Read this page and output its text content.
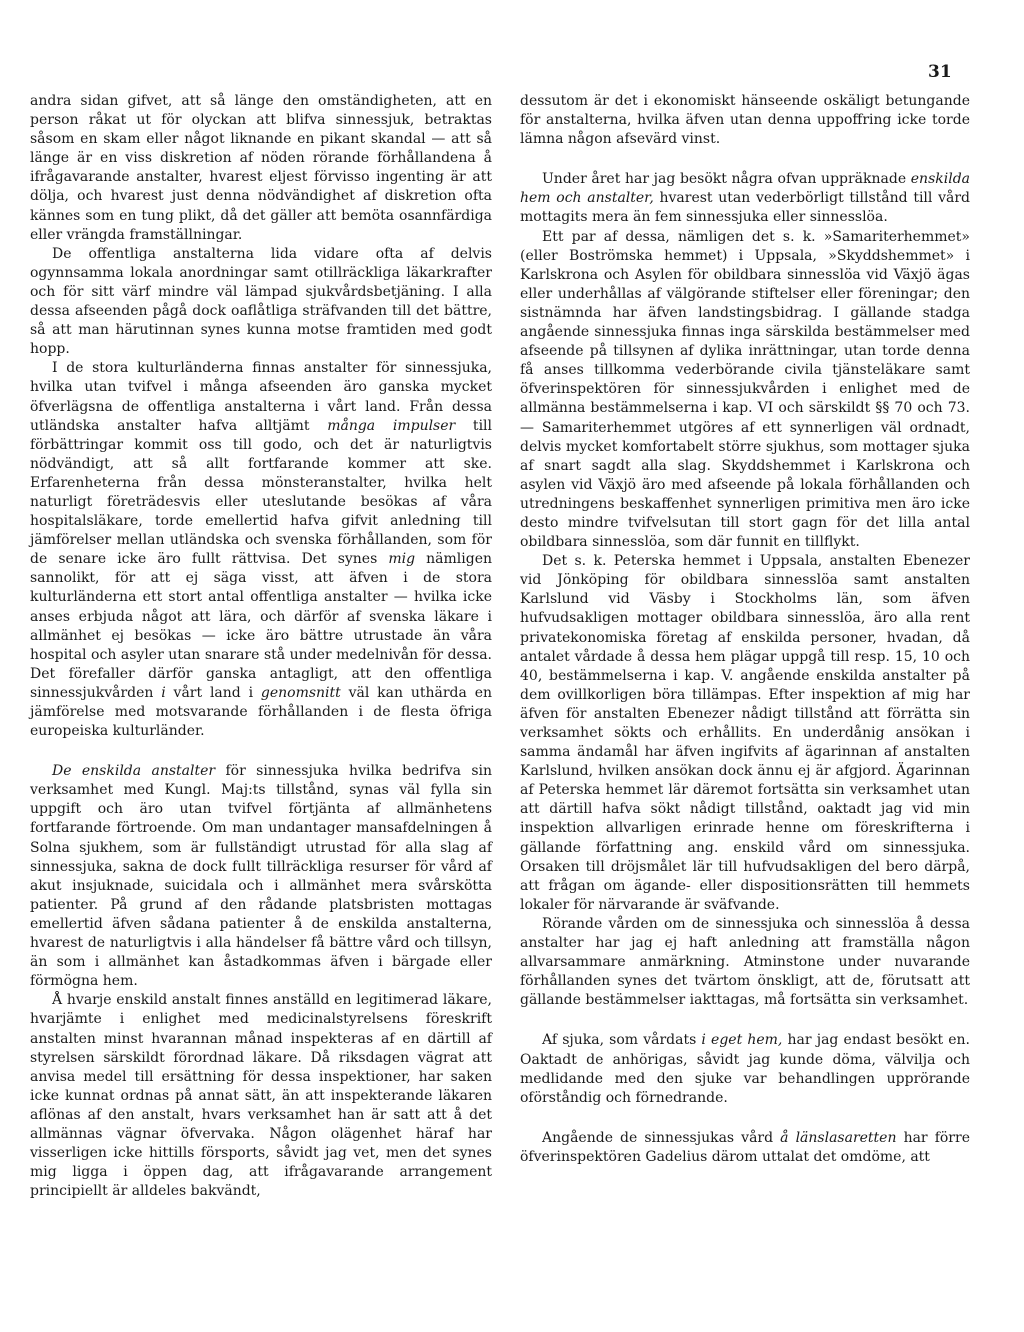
31

andra sidan gifvet, att så länge den omständigheten, att en person råkat ut för olyckan att blifva sinnessjuk, betraktas såsom en skam eller något liknande en pikant skandal — att så länge är en viss diskretion af nöden rörande förhållandena å ifrågavarande anstalter, hvarest eljest förvisso ingenting är att dölja, och hvarest just denna nödvändighet af diskretion ofta kännes som en tung plikt, då det gäller att bemöta osannfärdiga eller vrängda framställningar.

De offentliga anstalterna lida vidare ofta af delvis ogynnsamma lokala anordningar samt otillräckliga läkarkrafter och för sitt värf mindre väl lämpad sjukvårdsbetjäning. I alla dessa afseenden pågå dock oaflåtliga sträfvanden till det bättre, så att man härutinnan synes kunna motse framtiden med godt hopp.

I de stora kulturländerna finnas anstalter för sinnessjuka, hvilka utan tvifvel i många afseenden äro ganska mycket öfverlägsna de offentliga anstalterna i vårt land. Från dessa utländska anstalter hafva alltjämt många impulser till förbättringar kommit oss till godo, och det är naturligtvis nödvändigt, att så allt fortfarande kommer att ske. Erfarenheterna från dessa mönsteranstalter, hvilka helt naturligt företrädesvis eller uteslutande besökas af våra hospitalsläkare, torde emellertid hafva gifvit anledning till jämförelser mellan utländska och svenska förhållanden, som för de senare icke äro fullt rättvisa. Det synes mig nämligen sannolikt, för att ej säga visst, att äfven i de stora kulturländerna ett stort antal offentliga anstalter — hvilka icke anses erbjuda något att lära, och därför af svenska läkare i allmänhet ej besökas — icke äro bättre utrustade än våra hospital och asyler utan snarare stå under medelnivån för dessa. Det förefaller därför ganska antagligt, att den offentliga sinnessjukvården i vårt land i genomsnitt väl kan uthärda en jämförelse med motsvarande förhållanden i de flesta öfriga europeiska kulturländer.

De enskilda anstalter för sinnessjuka hvilka bedrifva sin verksamhet med Kungl. Maj:ts tillstånd, synas väl fylla sin uppgift och äro utan tvifvel förtjänta af allmänhetens fortfarande förtroende. Om man undantager mansafdelningen å Solna sjukhem, som är fullständigt utrustad för alla slag af sinnessjuka, sakna de dock fullt tillräckliga resurser för vård af akut insjuknade, suicidala och i allmänhet mera svårskötta patienter. På grund af den rådande platsbristen mottagas emellertid äfven sådana patienter å de enskilda anstalterna, hvarest de naturligtvis i alla händelser få bättre vård och tillsyn, än som i allmänhet kan åstadkommas äfven i bärgade eller förmögna hem.

Å hvarje enskild anstalt finnes anställd en legitimerad läkare, hvarjämte i enlighet med medicinalstyrelsens föreskrift anstalten minst hvarannan månad inspekteras af en därtill af styrelsen särskildt förordnad läkare. Då riksdagen vägrat att anvisa medel till ersättning för dessa inspektioner, har saken icke kunnat ordnas på annat sätt, än att inspekterande läkaren aflönas af den anstalt, hvars verksamhet han är satt att å det allmännas vägnar öfvervaka. Någon olägenhet häraf har visserligen icke hittills försports, såvidt jag vet, men det synes mig ligga i öppen dag, att ifrågavarande arrangement principiellt är alldeles bakvändt,

dessutom är det i ekonomiskt hänseende oskäligt betungande för anstalterna, hvilka äfven utan denna uppoffring icke torde lämna någon afsevärd vinst.

Under året har jag besökt några ofvan uppräknade enskilda hem och anstalter, hvarest utan vederbörligt tillstånd till vård mottagits mera än fem sinnessjuka eller sinnesslöa.

Ett par af dessa, nämligen det s. k. »Samariterhemmet» (eller Boströmska hemmet) i Uppsala, »Skyddshemmet» i Karlskrona och Asylen för obildbara sinnesslöa vid Växjö ägas eller underhållas af välgörande stiftelser eller föreningar; den sistnämnda har äfven landstingsbidrag. I gällande stadga angående sinnessjuka finnas inga särskilda bestämmelser med afseende på tillsynen af dylika inrättningar, utan torde denna få anses tillkomma vederbörande civila tjänsteläkare samt öfverinspektören för sinnessjukvården i enlighet med de allmänna bestämmelserna i kap. VI och särskildt §§ 70 och 73. — Samariterhemmet utgöres af ett synnerligen väl ordnadt, delvis mycket komfortabelt större sjukhus, som mottager sjuka af snart sagdt alla slag. Skyddshemmet i Karlskrona och asylen vid Växjö äro med afseende på lokala förhållanden och utredningens beskaffenhet synnerligen primitiva men äro icke desto mindre tvifvelsutan till stort gagn för det lilla antal obildbara sinnesslöa, som där funnit en tillflykt.

Det s. k. Peterska hemmet i Uppsala, anstalten Ebenezer vid Jönköping för obildbara sinnesslöa samt anstalten Karlslund vid Väsby i Stockholms län, som äfven hufvudsakligen mottager obildbara sinnesslöa, äro alla rent privatekonomiska företag af enskilda personer, hvadan, då antalet vårdade å dessa hem plägar uppgå till resp. 15, 10 och 40, bestämmelserna i kap. V. angående enskilda anstalter på dem ovillkorligen böra tillämpas. Efter inspektion af mig har äfven för anstalten Ebenezer nådigt tillstånd att förrätta sin verksamhet sökts och erhållits. En underdånig ansökan i samma ändamål har äfven ingifvits af ägarinnan af anstalten Karlslund, hvilken ansökan dock ännu ej är afgjord. Ägarinnan af Peterska hemmet lär däremot fortsätta sin verksamhet utan att därtill hafva sökt nådigt tillstånd, oaktadt jag vid min inspektion allvarligen erinrade henne om föreskrifterna i gällande författning ang. enskild vård om sinnessjuka. Orsaken till dröjsmålet lär till hufvudsakligen del bero därpå, att frågan om ägande- eller dispositionsrätten till hemmets lokaler för närvarande är sväfvande.

Rörande vården om de sinnessjuka och sinnesslöa å dessa anstalter har jag ej haft anledning att framställa någon allvarsammare anmärkning. Atminstone under nuvarande förhållanden synes det tvärtom önskligt, att de, förutsatt att gällande bestämmelser iakttagas, må fortsätta sin verksamhet.

Af sjuka, som vårdats i eget hem, har jag endast besökt en. Oaktadt de anhörigas, såvidt jag kunde döma, välvilja och medlidande med den sjuke var behandlingen upprörande oförståndig och förnedrande.

Angående de sinnessjukas vård å länslasaretten har förre öfverinspektören Gadelius därom uttalat det omdöme, att
